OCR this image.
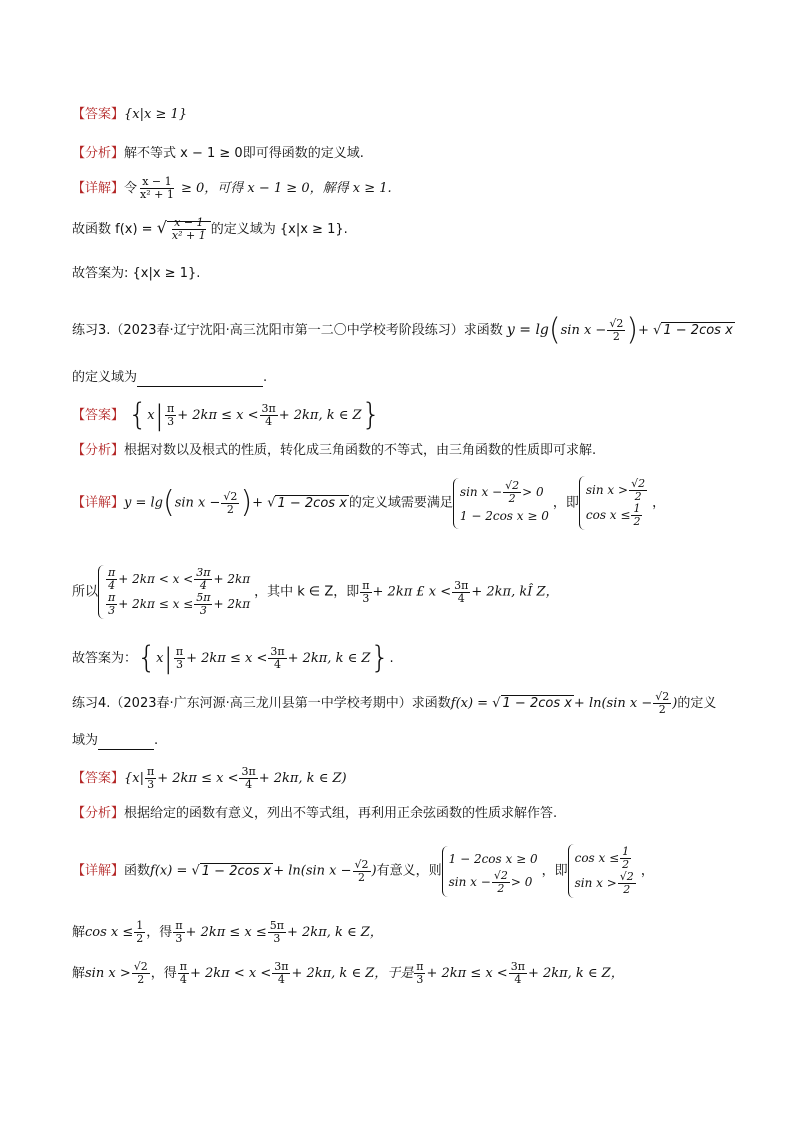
【答案】{x|x ≥ 1}
【分析】解不等式 x − 1 ≥ 0即可得函数的定义域.
【详解】令 $\frac{x - 1}{\text{x² + 1}} \ge 0$，可得 x − 1 ≥ 0，解得 x ≥ 1.
故函数 f(x) = √ $\frac{x - 1}{\text{x² + 1}}$ 的定义域为 {x|x ≥ 1}.
故答案为: {x|x ≥ 1}.
练习3.（2023春·辽宁沈阳·高三沈阳市第一二〇中学校考阶段练习）求函数 y = lg(sin $x - \frac{√2}{2}$ )+ √ 1 − 2cos x
的定义域为	.
【答案】 {$x| \frac{\pi}{3} + 2k\pi \le x < \frac{3\pi}{4} + 2k\pi$, k ∈ Z}
【分析】根据对数以及根式的性质，转化成三角函数的不等式，由三角函数的性质即可求解.
【详解】y = lg(sin $x - \frac{√2}{2}$ )+ √ 1 − 2cos x 的定义域需要满足
$\sin x - \frac{√2}{2} > 0$
1 − 2cos x ≥ 0
，即
$\sin x > \frac{√2}{2}$
$\cos x \le \frac{1}{2}$ ，
所以 $\frac{\pi}{4} + 2k\pi < x < \frac{3\pi}{4} + 2k\pi$
$\frac{\pi}{3} + 2k\pi \le x \le \frac{5\pi}{3} + 2k\pi$
，其中 k ∈ Z，即 $\frac{\pi}{3} + 2k\pi$ £ $x < \frac{3\pi}{4} + 2k\pi$, kÎ Z，
故答案为：{$x| \frac{\pi}{3} + 2k\pi \le x < \frac{3\pi}{4} + 2k\pi$, k ∈ Z}.
练习4.（2023春·广东河源·高三龙川县第一中学校考期中）求函数f(x) = √ 1 − 2cos x + ln(sin $x - \frac{√2}{2}$ )的定义
域为	.
【答案】{$x| \frac{\pi}{3} + 2k\pi \le x < \frac{3\pi}{4} + 2k\pi$, k ∈ Z)
【分析】根据给定的函数有意义，列出不等式组，再利用正余弦函数的性质求解作答.
【详解】函数f(x) = √ 1 − 2cos x + ln(sin $x - \frac{√2}{2}$ )有意义，则
1 − 2cos x ≥ 0
$\sin x - \frac{√2}{2} > 0$
，即
$\cos x \le \frac{1}{2}$
$\sin x > \frac{√2}{2}$ ，
解$\cos x \le \frac{1}{2}$ ，得 $\frac{\pi}{3} + 2k\pi \le x \le \frac{5\pi}{3} + 2k\pi$, k ∈ Z，
解$\sin x > \frac{√2}{2}$ ，得 $\frac{\pi}{4} + 2k\pi < x < \frac{3\pi}{4} + 2k\pi$, k ∈ Z，于是 $\frac{\pi}{3} + 2k\pi \le x < \frac{3\pi}{4} + 2k\pi$, k ∈ Z，
